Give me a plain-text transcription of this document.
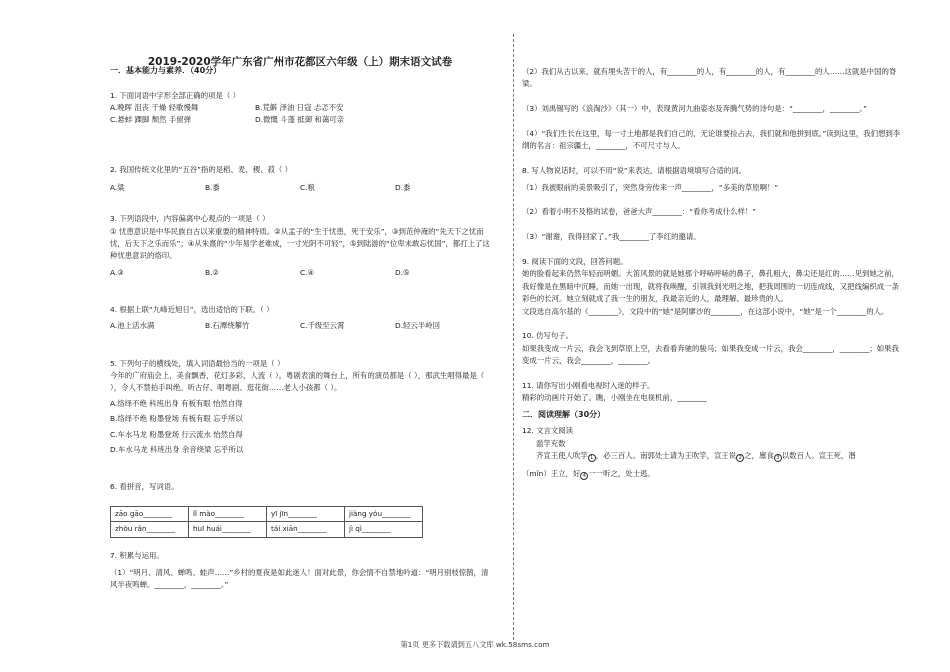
2019-2020学年广东省广州市花都区六年级（上）期末语文试卷
一．基本能力与素养．（40分）
1. 下面词语中字形全部正确的项是（ ）
A.晚晖 沮丧 干燥 轻歌慢舞	B.荒僻 泽油 日寇 忐忑不安
C.悬蚌 踝脚 颓然 手留弹	D.微慨 斗蓬 抵御 和蔼可亲
2. 我国传统文化里的“五谷”指的是稻、麦、稷、菽（ ）
A.粱	B.黍	C.粮	D.黍
3. 下列语段中，内容偏离中心观点的一项是（ ）
① 忧患意识是中华民族自古以来重要的精神特质。②从孟子的“生于忧患，死于安乐”，③到范仲淹的“先天下之忧而忧，后天下之乐而乐”；④从朱熹的“少年易学老难成，一寸光阴不可轻”，⑤到陆游的“位卑未敢忘忧国”，都打上了这种忧患意识的烙印。
A.③	B.②	C.④	D.⑤
4. 根据上联“九峰近旭日”，选出适恰的下联。（ ）
A.池上活水满	B.石潭绕攀竹	C.千级至云霄	D.轻云半岭回
5. 下列句子的横线处，填入词语最恰当的一项是（ ）
今年的广府庙会上，美食飘香，花灯多彩，人流（ ）。粤剧表演的舞台上，所有的演员都是（ ），那武生唱得最是（ ），令人不禁拍手叫绝。听古仔、唱粤剧、逛花街……老人小孩都（ ）。
A.络绎不绝 科班出身 有板有眼 怡然自得
B.络绎不绝 粉墨登场 有板有眼 忘乎所以
C.车水马龙 粉墨登场 行云流水 怡然自得
D.车水马龙 科班出身 余音绕梁 忘乎所以
6. 看拼音，写词语。
zāo gāo________	lǐ mào________	yī jīn________	jiàng yóu________
zhòu rǎn________	huī huái________	tái xiān________	jì qì________
7. 积累与运用。
（1）“明月、清风、蝉鸣、蛙声……”乡村的夏夜是如此迷人！面对此景，你会情不自禁地吟道：“明月别枝惊鹊，清风半夜鸣蝉。________，________。”
（2）我们从古以来，就有埋头苦干的人，有________的人，有________的人，有________的人……这就是中国的脊梁。
（3）刘禹锡写的《浪淘沙》（其一）中，表现黄河九曲姿态及奔腾气势的诗句是：“________，________。”
（4）“我们生长在这里，每一寸土地都是我们自己的，无论谁要捡占去，我们就和他拼到底。”读到这里，我们想到李纲的名言：祖宗疆土，________，不可尺寸与人。
8. 写人物说话时，可以不用“说”来表达，请根据语境填写合适的词。
（1）我被眼前的美景吸引了，突然身旁传来一声________，“多美的草原啊！”
（2）看着小明不及格的试卷，爸爸大声________：“看你考成什么样！”
（3）“谢谢，我得回家了。”我________了李红的邀请。
9. 阅读下面的文段，回答问题。
她的脸看起来仍然年轻而明媚。大笛风景的就是她那个呼哧呼哧的鼻子，鼻孔粗大，鼻尖还是红的……见到她之前，我好像是在黑暗中沉睡，而她一出现，就将我唤醒，引领我到光明之地，把我周围的一切连成线，又把线编织成一条彩色的长河。她立刻就成了我一生的朋友，我最亲近的人，最理解、最珍贵的人。
文段选自高尔基的《________》，文段中的“她”是阿廖沙的________，在这部小说中，“她”是一个________的人。
10. 仿写句子。
如果我变成一片云，我会飞到草原上空，去看看奔驰的骏马；如果我变成一片云，我会________，________；如果我变成一片云，我会________，________。
11. 请你写出小刚看电视时入迷的样子。
精彩的动画片开始了。瞧，小刚坐在电视机前，________
二．阅读理解（30分）
12. 文言文阅读
滥竽充数
齐宣王使人吹竽 1 ，必三百人。南郭处士请为王吹竽，宣王说 2 之，廪食 3 以数百人。宣王死，湣
（mǐn）王立，好 4 一一听之，处士逃。
第1页 更多下载请到五八文库 wk.58sms.com
